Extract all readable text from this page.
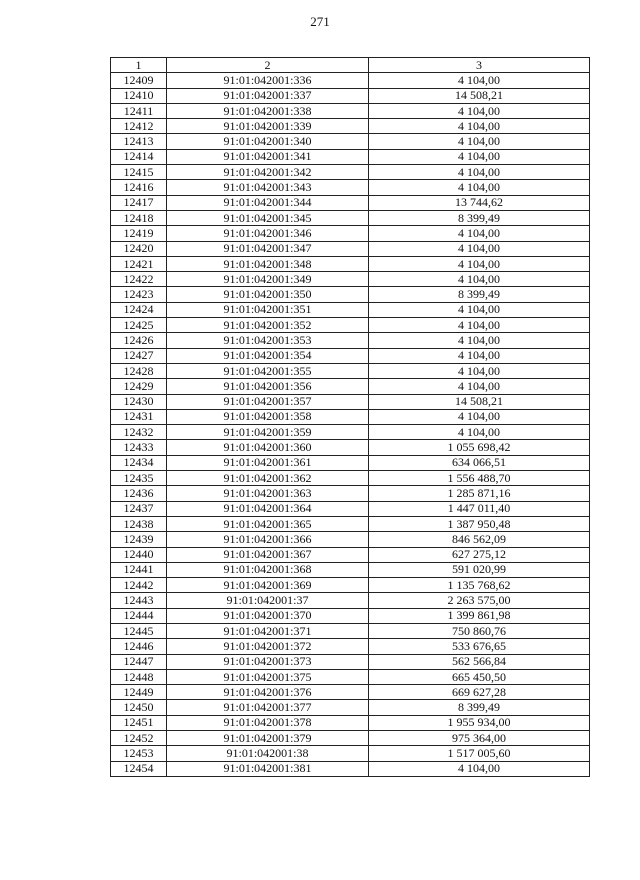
271
1	2	3
12409	91:01:042001:336	4 104,00
12410	91:01:042001:337	14 508,21
12411	91:01:042001:338	4 104,00
12412	91:01:042001:339	4 104,00
12413	91:01:042001:340	4 104,00
12414	91:01:042001:341	4 104,00
12415	91:01:042001:342	4 104,00
12416	91:01:042001:343	4 104,00
12417	91:01:042001:344	13 744,62
12418	91:01:042001:345	8 399,49
12419	91:01:042001:346	4 104,00
12420	91:01:042001:347	4 104,00
12421	91:01:042001:348	4 104,00
12422	91:01:042001:349	4 104,00
12423	91:01:042001:350	8 399,49
12424	91:01:042001:351	4 104,00
12425	91:01:042001:352	4 104,00
12426	91:01:042001:353	4 104,00
12427	91:01:042001:354	4 104,00
12428	91:01:042001:355	4 104,00
12429	91:01:042001:356	4 104,00
12430	91:01:042001:357	14 508,21
12431	91:01:042001:358	4 104,00
12432	91:01:042001:359	4 104,00
12433	91:01:042001:360	1 055 698,42
12434	91:01:042001:361	634 066,51
12435	91:01:042001:362	1 556 488,70
12436	91:01:042001:363	1 285 871,16
12437	91:01:042001:364	1 447 011,40
12438	91:01:042001:365	1 387 950,48
12439	91:01:042001:366	846 562,09
12440	91:01:042001:367	627 275,12
12441	91:01:042001:368	591 020,99
12442	91:01:042001:369	1 135 768,62
12443	91:01:042001:37	2 263 575,00
12444	91:01:042001:370	1 399 861,98
12445	91:01:042001:371	750 860,76
12446	91:01:042001:372	533 676,65
12447	91:01:042001:373	562 566,84
12448	91:01:042001:375	665 450,50
12449	91:01:042001:376	669 627,28
12450	91:01:042001:377	8 399,49
12451	91:01:042001:378	1 955 934,00
12452	91:01:042001:379	975 364,00
12453	91:01:042001:38	1 517 005,60
12454	91:01:042001:381	4 104,00
